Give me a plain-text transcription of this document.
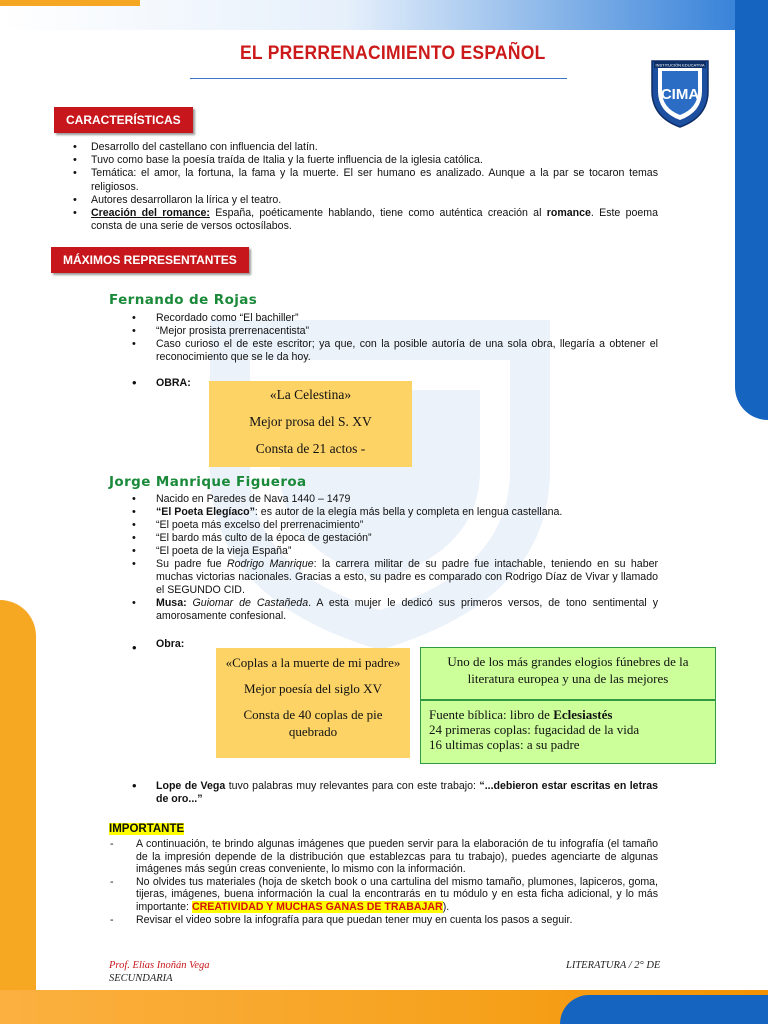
EL PRERRENACIMIENTO ESPAÑOL
INSTITUCIÓN EDUCATIVA
CIMA
CARACTERÍSTICAS
• Desarrollo del castellano con influencia del latín.
• Tuvo como base la poesía traída de Italia y la fuerte influencia de la iglesia católica.
• Temática: el amor, la fortuna, la fama y la muerte. El ser humano es analizado. Aunque a la par se tocaron temas religiosos.
• Autores desarrollaron la lírica y el teatro.
• Creación del romance: España, poéticamente hablando, tiene como auténtica creación al romance. Este poema consta de una serie de versos octosílabos.
MÁXIMOS REPRESENTANTES
Fernando de Rojas
• Recordado como “El bachiller”
• “Mejor prosista prerrenacentista”
• Caso curioso el de este escritor; ya que, con la posible autoría de una sola obra, llegaría a obtener el reconocimiento que se le da hoy.
• OBRA:
«La Celestina»
Mejor prosa del S. XV
Consta de 21 actos -
Jorge Manrique Figueroa
• Nacido en Paredes de Nava 1440 – 1479
• “El Poeta Elegíaco”: es autor de la elegía más bella y completa en lengua castellana.
• “El poeta más excelso del prerrenacimiento”
• “El bardo más culto de la época de gestación”
• “El poeta de la vieja España”
• Su padre fue Rodrigo Manrique: la carrera militar de su padre fue intachable, teniendo en su haber muchas victorias nacionales. Gracias a esto, su padre es comparado con Rodrigo Díaz de Vivar y llamado el SEGUNDO CID.
• Musa: Guiomar de Castañeda. A esta mujer le dedicó sus primeros versos, de tono sentimental y amorosamente confesional.
• Obra:
«Coplas a la muerte de mi padre»
Mejor poesía del siglo XV
Consta de 40 coplas de pie quebrado
Uno de los más grandes elogios fúnebres de la literatura europea y una de las mejores
Fuente bíblica: libro de Eclesiastés
24 primeras coplas: fugacidad de la vida
16 ultimas coplas: a su padre
• Lope de Vega tuvo palabras muy relevantes para con este trabajo: “...debieron estar escritas en letras de oro...”
IMPORTANTE
- A continuación, te brindo algunas imágenes que pueden servir para la elaboración de tu infografía (el tamaño de la impresión depende de la distribución que establezcas para tu trabajo), puedes agenciarte de algunas imágenes más según creas conveniente, lo mismo con la información.
- No olvides tus materiales (hoja de sketch book o una cartulina del mismo tamaño, plumones, lapiceros, goma, tijeras, imágenes, buena información la cual la encontrarás en tu módulo y en esta ficha adicional, y lo más importante: CREATIVIDAD Y MUCHAS GANAS DE TRABAJAR).
- Revisar el video sobre la infografía para que puedan tener muy en cuenta los pasos a seguir.
Prof. Elías Inoñán Vega	LITERATURA / 2° DE
SECUNDARIA
